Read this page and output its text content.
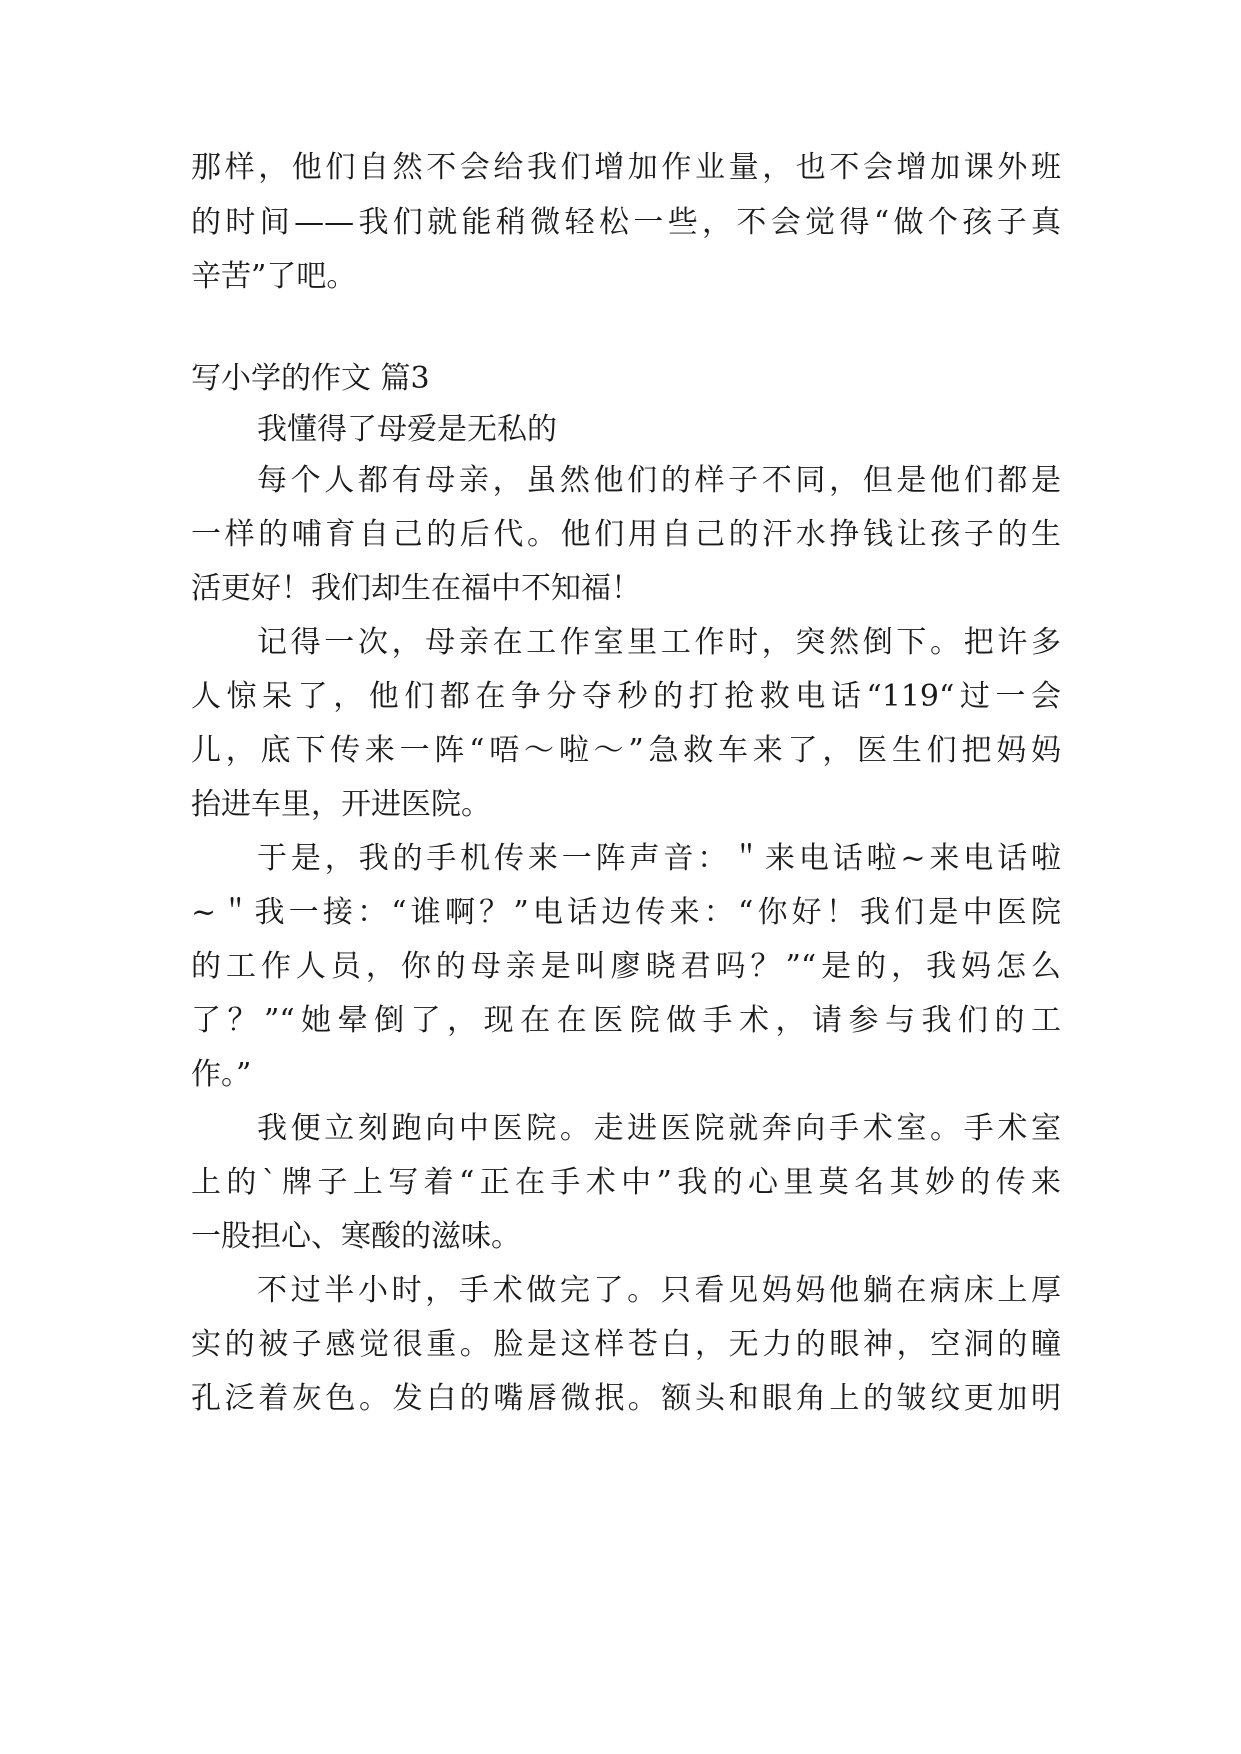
那样，他们自然不会给我们增加作业量，也不会增加课外班
的时间——我们就能稍微轻松一些，不会觉得“做个孩子真
辛苦”了吧。
写小学的作文 篇3
我懂得了母爱是无私的
每个人都有母亲，虽然他们的样子不同，但是他们都是
一样的哺育自己的后代。他们用自己的汗水挣钱让孩子的生
活更好！我们却生在福中不知福！
记得一次，母亲在工作室里工作时，突然倒下。把许多
人惊呆了，他们都在争分夺秒的打抢救电话“119“过一会
儿，底下传来一阵“唔～啦～”急救车来了，医生们把妈妈
抬进车里，开进医院。
于是，我的手机传来一阵声音：＂来电话啦~来电话啦
~＂我一接：“谁啊？”电话边传来：“你好！我们是中医院
的工作人员，你的母亲是叫廖晓君吗？”“是的，我妈怎么
了？”“她晕倒了，现在在医院做手术，请参与我们的工
作。”
我便立刻跑向中医院。走进医院就奔向手术室。手术室
上的`牌子上写着“正在手术中”我的心里莫名其妙的传来
一股担心、寒酸的滋味。
不过半小时，手术做完了。只看见妈妈他躺在病床上厚
实的被子感觉很重。脸是这样苍白，无力的眼神，空洞的瞳
孔泛着灰色。发白的嘴唇微抿。额头和眼角上的皱纹更加明
